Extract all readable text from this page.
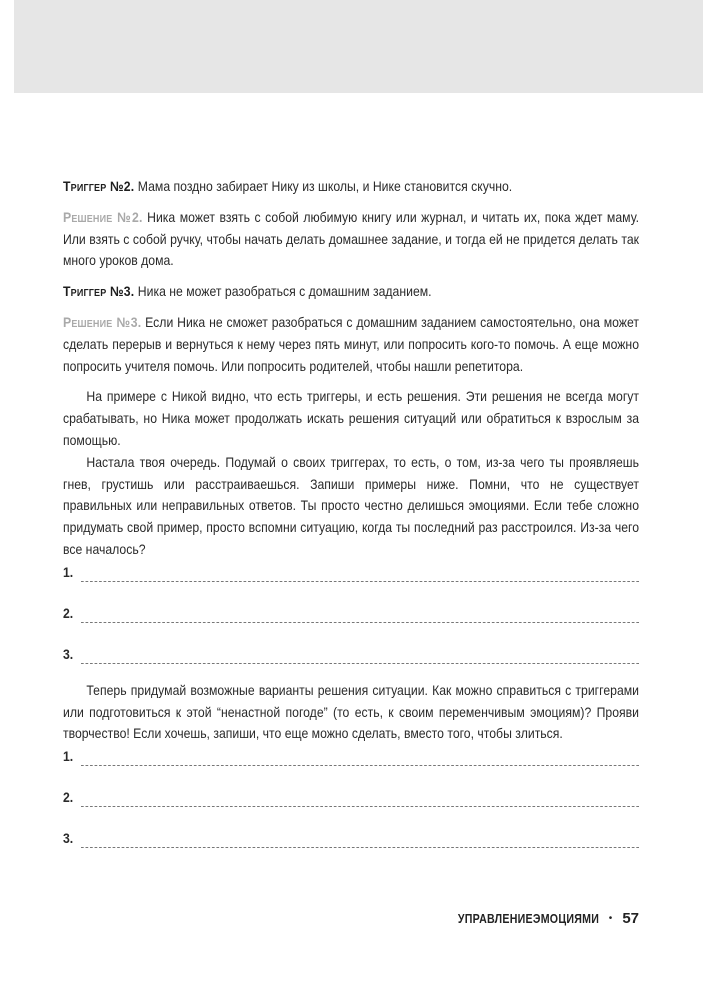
Триггер №2. Мама поздно забирает Нику из школы, и Нике становится скучно.

Решение №2. Ника может взять с собой любимую книгу или журнал, и читать их, пока ждет маму. Или взять с собой ручку, чтобы начать делать домашнее задание, и тогда ей не придется делать так много уроков дома.

Триггер №3. Ника не может разобраться с домашним заданием.

Решение №3. Если Ника не сможет разобраться с домашним заданием самостоятельно, она может сделать перерыв и вернуться к нему через пять минут, или попросить кого-то помочь. А еще можно попросить учителя помочь. Или попросить родителей, чтобы нашли репетитора.

На примере с Никой видно, что есть триггеры, и есть решения. Эти решения не всегда могут срабатывать, но Ника может продолжать искать решения ситуаций или обратиться к взрослым за помощью.

Настала твоя очередь. Подумай о своих триггерах, то есть, о том, из-за чего ты проявляешь гнев, грустишь или расстраиваешься. Запиши примеры ниже. Помни, что не существует правильных или неправильных ответов. Ты просто честно делишься эмоциями. Если тебе сложно придумать свой пример, просто вспомни ситуацию, когда ты последний раз расстроился. Из-за чего все началось?

1.
2.
3.

Теперь придумай возможные варианты решения ситуации. Как можно справиться с триггерами или подготовиться к этой “ненастной погоде” (то есть, к своим переменчивым эмоциям)? Прояви творчество! Если хочешь, запиши, что еще можно сделать, вместо того, чтобы злиться.

1.
2.
3.
УПРАВЛЕНИЕЭМОЦИЯМИ • 57
